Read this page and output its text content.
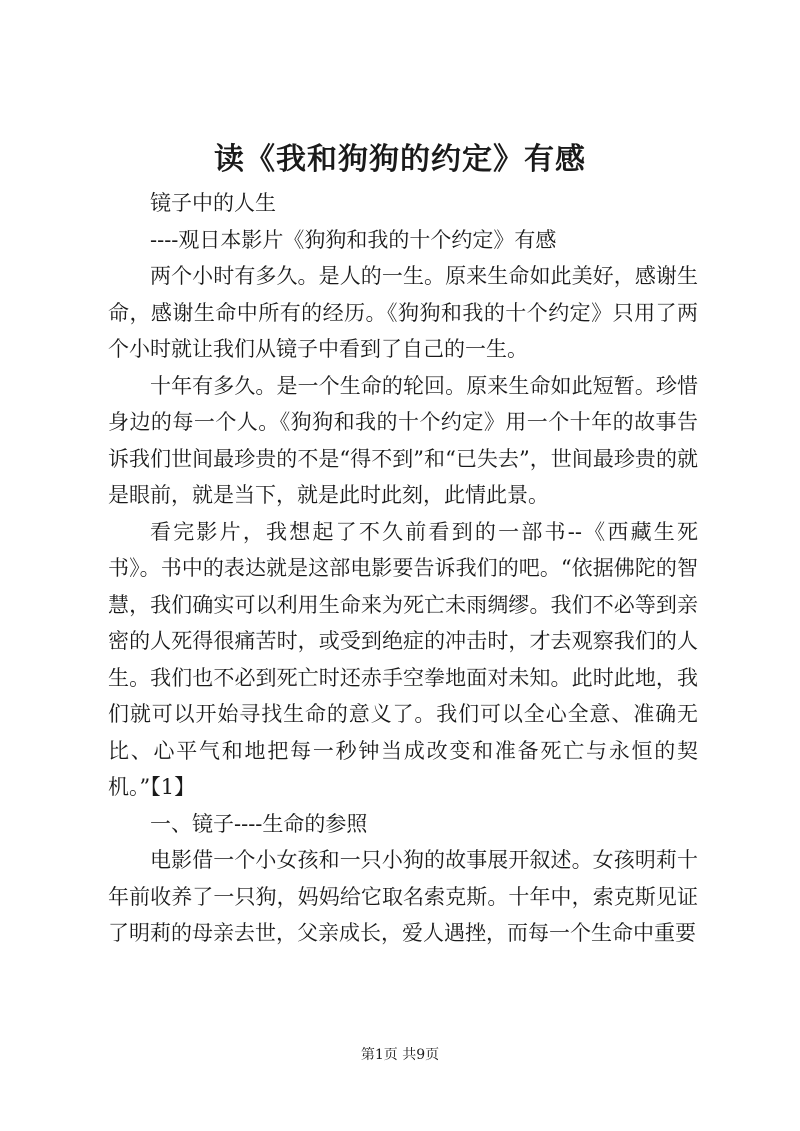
读《我和狗狗的约定》有感

镜子中的人生

----观日本影片《狗狗和我的十个约定》有感

两个小时有多久。是人的一生。原来生命如此美好，感谢生命，感谢生命中所有的经历。《狗狗和我的十个约定》只用了两个小时就让我们从镜子中看到了自己的一生。

十年有多久。是一个生命的轮回。原来生命如此短暂。珍惜身边的每一个人。《狗狗和我的十个约定》用一个十年的故事告诉我们世间最珍贵的不是“得不到”和“已失去”，世间最珍贵的就是眼前，就是当下，就是此时此刻，此情此景。

看完影片，我想起了不久前看到的一部书--《西藏生死书》。书中的表达就是这部电影要告诉我们的吧。“依据佛陀的智慧，我们确实可以利用生命来为死亡未雨绸缪。我们不必等到亲密的人死得很痛苦时，或受到绝症的冲击时，才去观察我们的人生。我们也不必到死亡时还赤手空拳地面对未知。此时此地，我们就可以开始寻找生命的意义了。我们可以全心全意、准确无比、心平气和地把每一秒钟当成改变和准备死亡与永恒的契机。”【1】

一、镜子----生命的参照

电影借一个小女孩和一只小狗的故事展开叙述。女孩明莉十年前收养了一只狗，妈妈给它取名索克斯。十年中，索克斯见证了明莉的母亲去世，父亲成长，爱人遇挫，而每一个生命中重要

第1页 共9页
